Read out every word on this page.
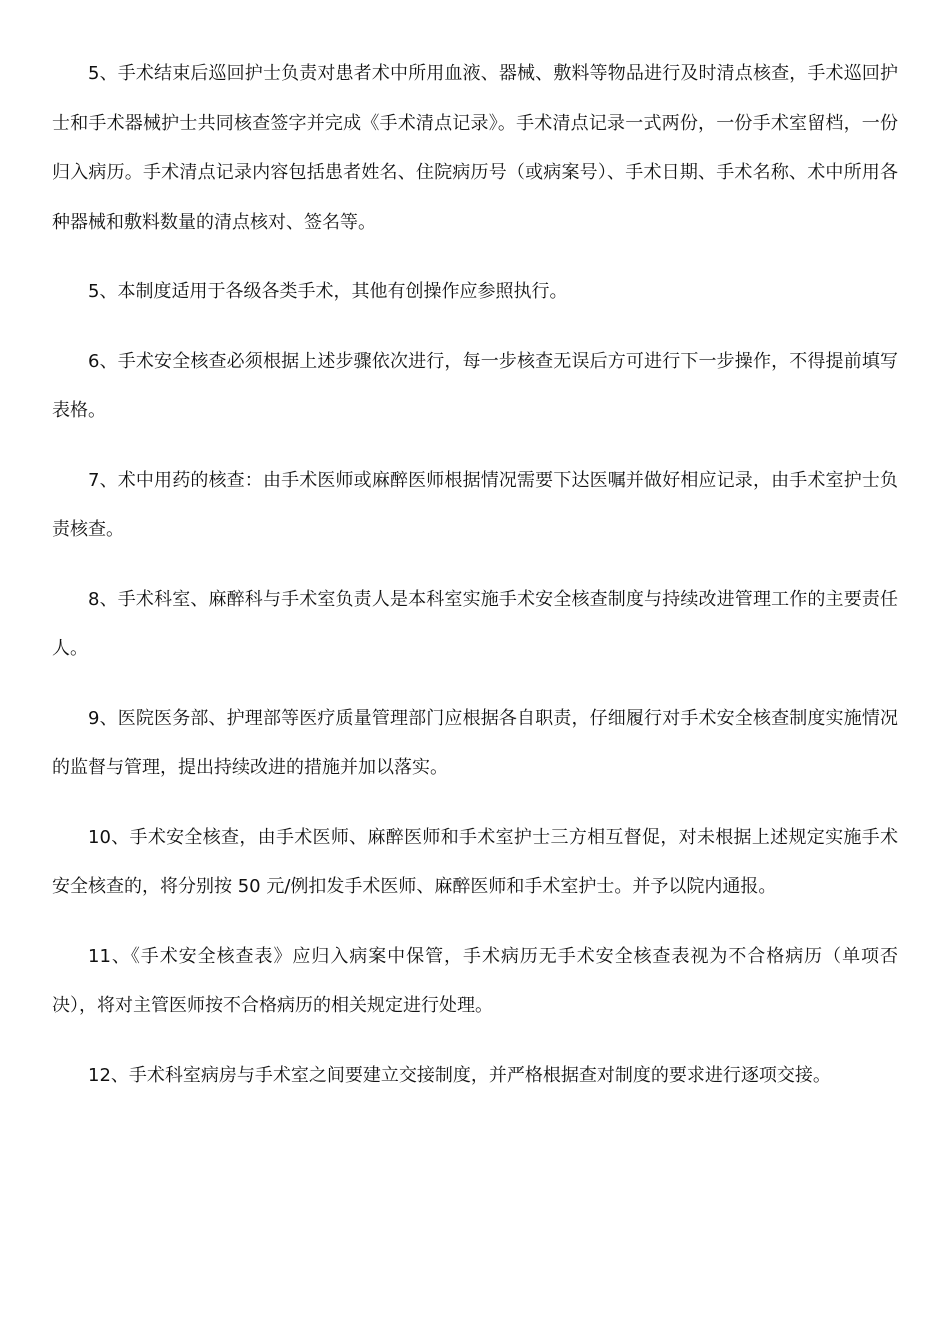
5、手术结束后巡回护士负责对患者术中所用血液、器械、敷料等物品进行及时清点核查，手术巡回护士和手术器械护士共同核查签字并完成《手术清点记录》。手术清点记录一式两份，一份手术室留档，一份归入病历。手术清点记录内容包括患者姓名、住院病历号（或病案号）、手术日期、手术名称、术中所用各种器械和敷料数量的清点核对、签名等。

5、本制度适用于各级各类手术，其他有创操作应参照执行。

6、手术安全核查必须根据上述步骤依次进行，每一步核查无误后方可进行下一步操作，不得提前填写表格。

7、术中用药的核查：由手术医师或麻醉医师根据情况需要下达医嘱并做好相应记录，由手术室护士负责核查。

8、手术科室、麻醉科与手术室负责人是本科室实施手术安全核查制度与持续改进管理工作的主要责任人。

9、医院医务部、护理部等医疗质量管理部门应根据各自职责，仔细履行对手术安全核查制度实施情况的监督与管理，提出持续改进的措施并加以落实。

10、手术安全核查，由手术医师、麻醉医师和手术室护士三方相互督促，对未根据上述规定实施手术安全核查的，将分别按 50 元/例扣发手术医师、麻醉医师和手术室护士。并予以院内通报。

11、《手术安全核查表》应归入病案中保管，手术病历无手术安全核查表视为不合格病历（单项否决），将对主管医师按不合格病历的相关规定进行处理。

12、手术科室病房与手术室之间要建立交接制度，并严格根据查对制度的要求进行逐项交接。
